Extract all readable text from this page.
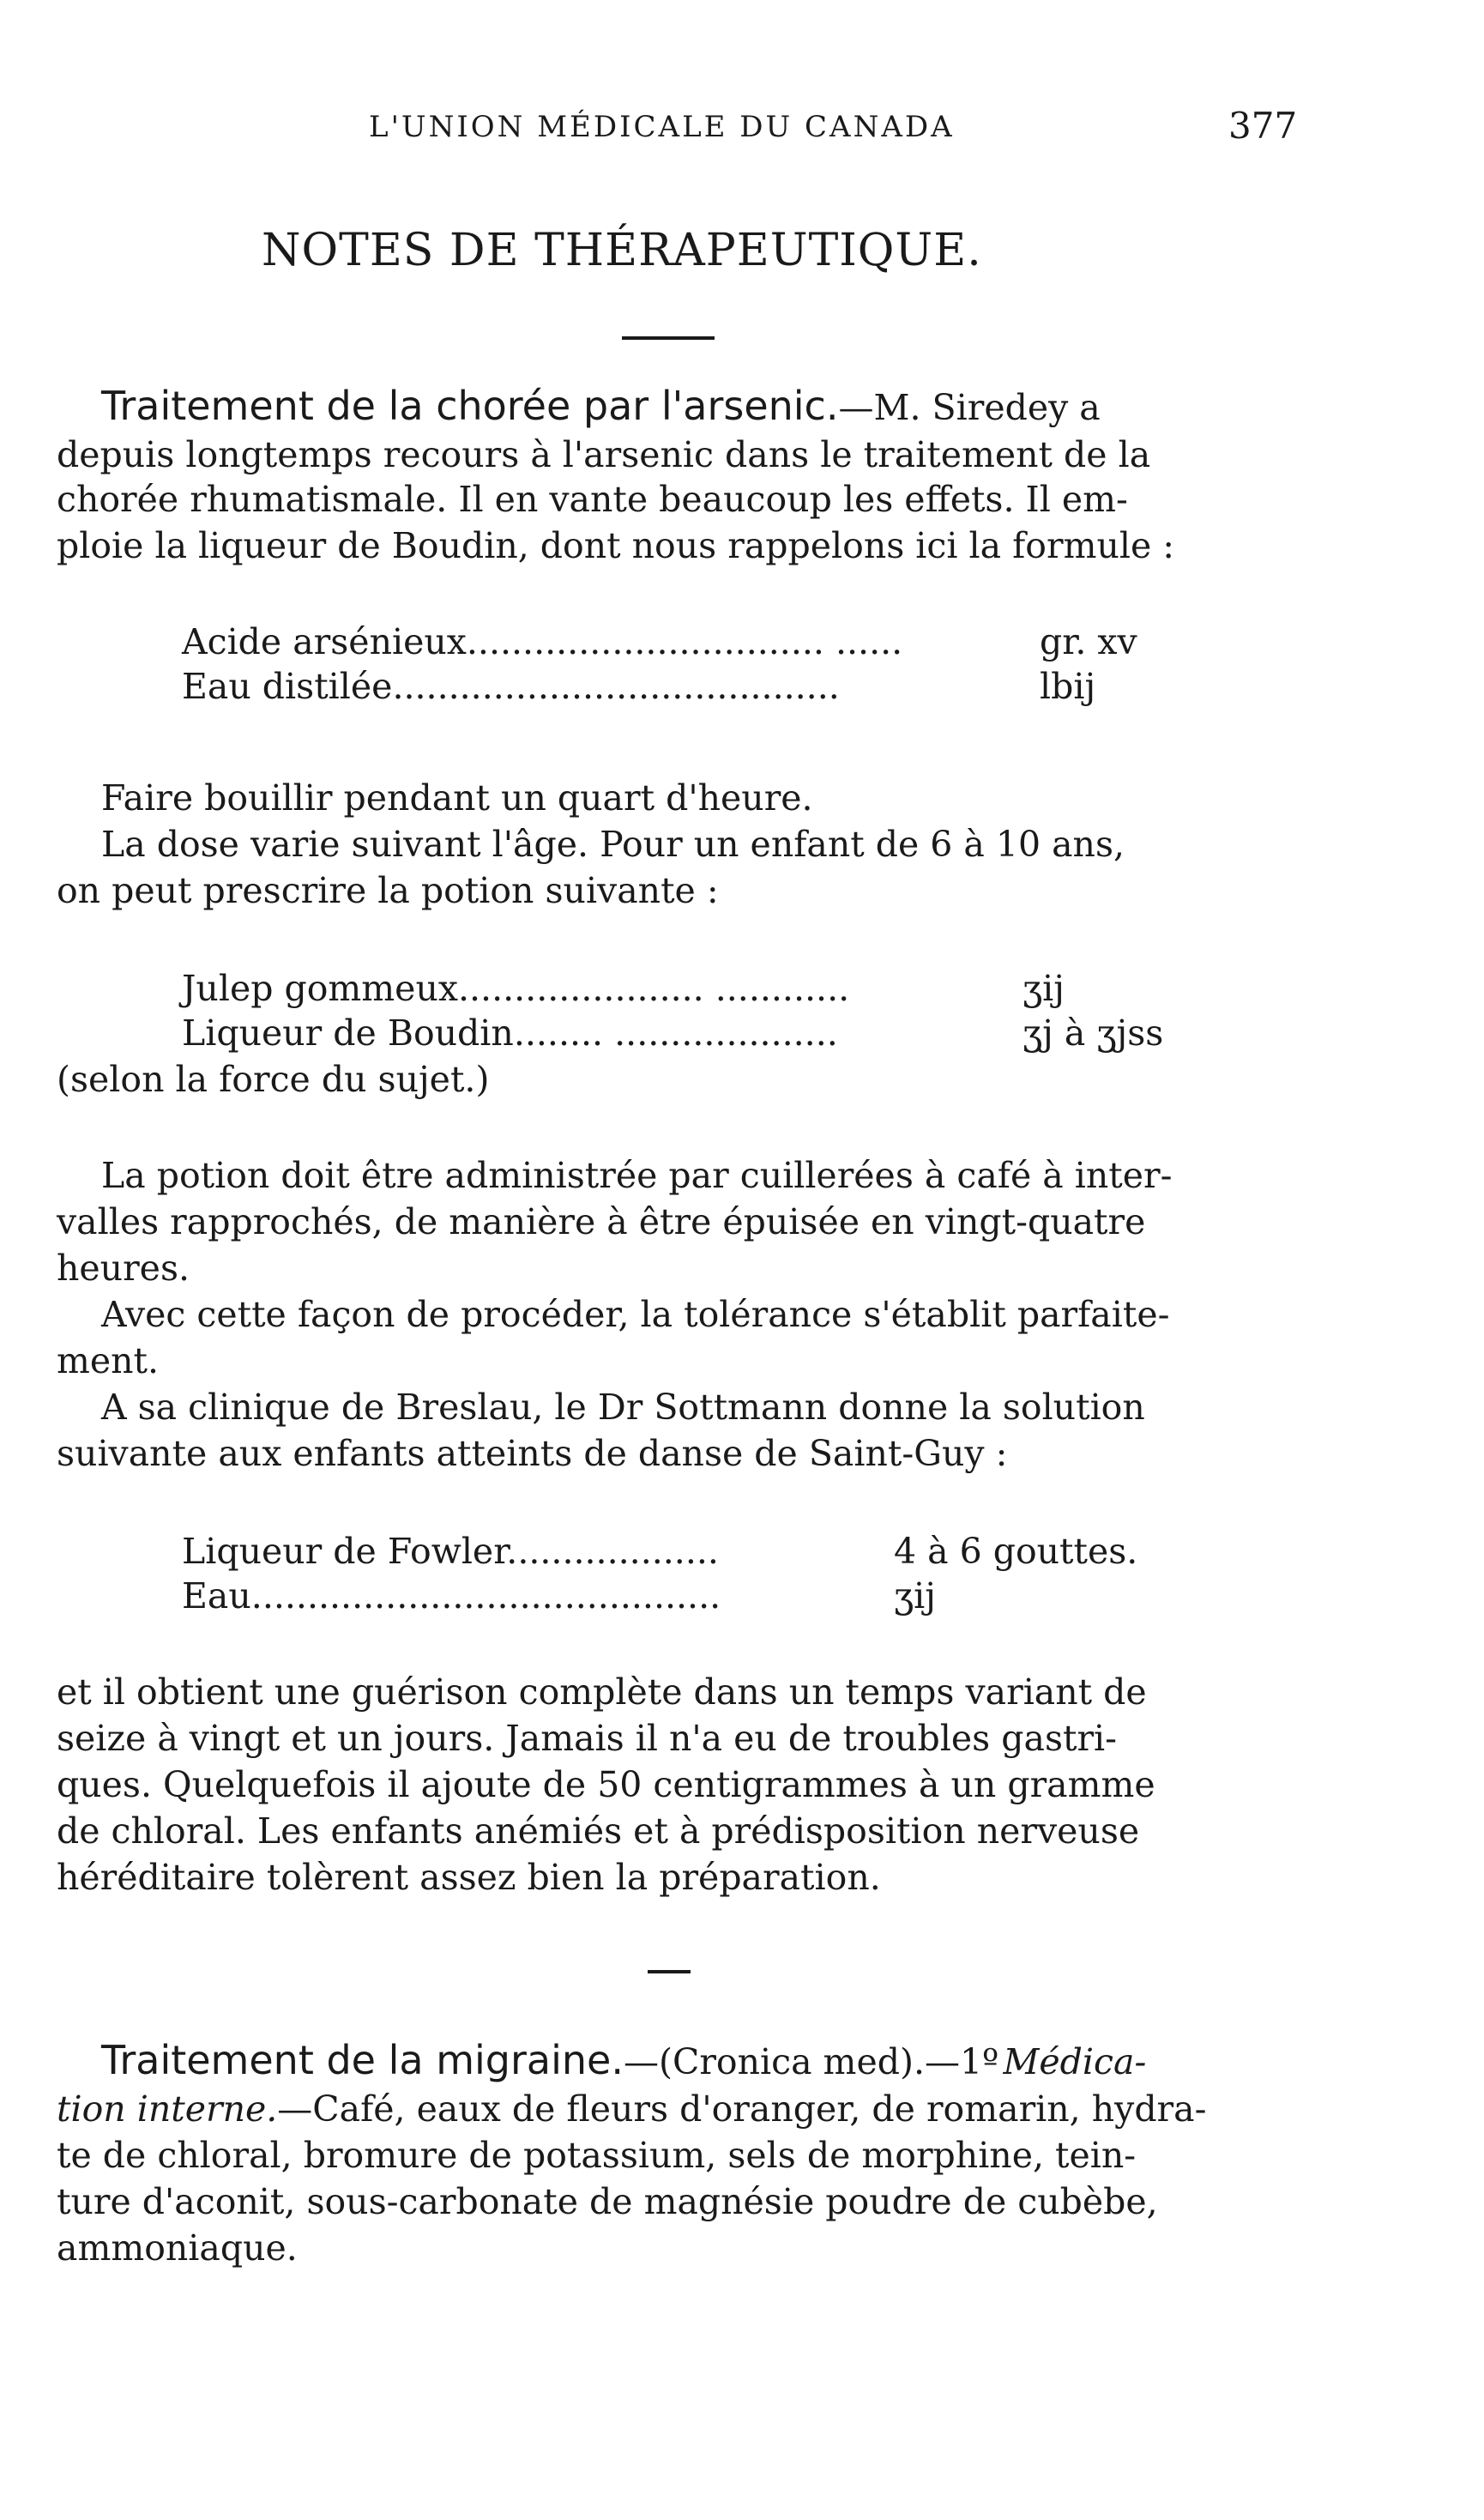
L'UNION MÉDICALE DU CANADA	377
NOTES DE THÉRAPEUTIQUE.
Traitement de la chorée par l'arsenic.—M. Siredey a
depuis longtemps recours à l'arsenic dans le traitement de la
chorée rhumatismale. Il en vante beaucoup les effets. Il em-
ploie la liqueur de Boudin, dont nous rappelons ici la formule :
Acide arsénieux................................ ......	gr. xv
Eau distilée........................................	lbij
Faire bouillir pendant un quart d'heure.
La dose varie suivant l'âge. Pour un enfant de 6 à 10 ans,
on peut prescrire la potion suivante :
Julep gommeux...................... ............	ʒij
Liqueur de Boudin........ ....................	ʒj à ʒjss
(selon la force du sujet.)
La potion doit être administrée par cuillerées à café à inter-
valles rapprochés, de manière à être épuisée en vingt-quatre
heures.
Avec cette façon de procéder, la tolérance s'établit parfaite-
ment.
A sa clinique de Breslau, le Dr Sottmann donne la solution
suivante aux enfants atteints de danse de Saint-Guy :
Liqueur de Fowler...................	4 à 6 gouttes.
Eau..........................................	ʒij
et il obtient une guérison complète dans un temps variant de
seize à vingt et un jours. Jamais il n'a eu de troubles gastri-
ques. Quelquefois il ajoute de 50 centigrammes à un gramme
de chloral. Les enfants anémiés et à prédisposition nerveuse
héréditaire tolèrent assez bien la préparation.
Traitement de la migraine.—(Cronica med).—1º Médica-
tion interne.—Café, eaux de fleurs d'oranger, de romarin, hydra-
te de chloral, bromure de potassium, sels de morphine, tein-
ture d'aconit, sous-carbonate de magnésie poudre de cubèbe,
ammoniaque.
